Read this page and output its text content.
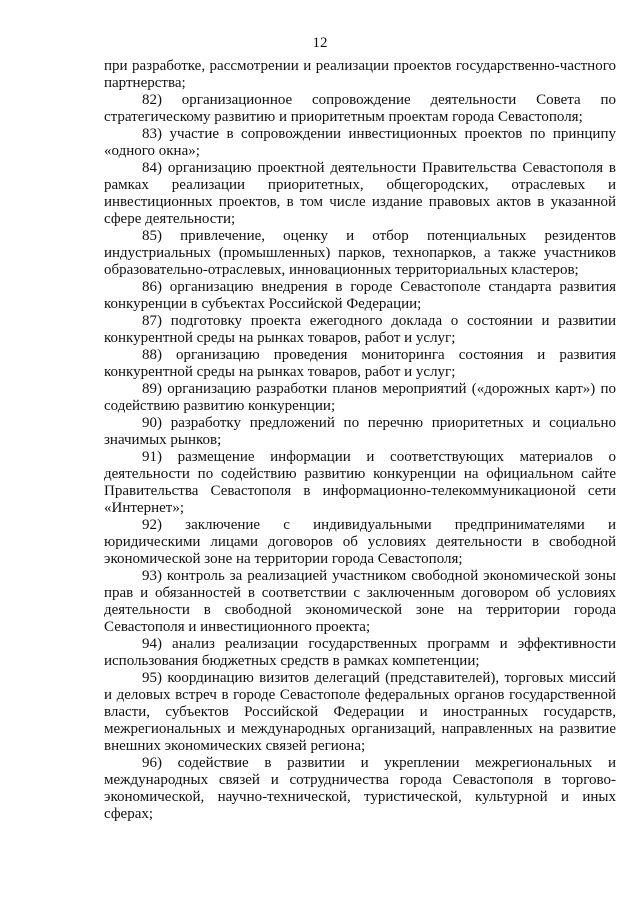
12

при разработке, рассмотрении и реализации проектов государственно-частного партнерства;

82) организационное сопровождение деятельности Совета по стратегическому развитию и приоритетным проектам города Севастополя;

83) участие в сопровождении инвестиционных проектов по принципу «одного окна»;

84) организацию проектной деятельности Правительства Севастополя в рамках реализации приоритетных, общегородских, отраслевых и инвестиционных проектов, в том числе издание правовых актов в указанной сфере деятельности;

85) привлечение, оценку и отбор потенциальных резидентов индустриальных (промышленных) парков, технопарков, а также участников образовательно-отраслевых, инновационных территориальных кластеров;

86) организацию внедрения в городе Севастополе стандарта развития конкуренции в субъектах Российской Федерации;

87) подготовку проекта ежегодного доклада о состоянии и развитии конкурентной среды на рынках товаров, работ и услуг;

88) организацию проведения мониторинга состояния и развития конкурентной среды на рынках товаров, работ и услуг;

89) организацию разработки планов мероприятий («дорожных карт») по содействию развитию конкуренции;

90) разработку предложений по перечню приоритетных и социально значимых рынков;

91) размещение информации и соответствующих материалов о деятельности по содействию развитию конкуренции на официальном сайте Правительства Севастополя в информационно-телекоммуникационой сети «Интернет»;

92) заключение с индивидуальными предпринимателями и юридическими лицами договоров об условиях деятельности в свободной экономической зоне на территории города Севастополя;

93) контроль за реализацией участником свободной экономической зоны прав и обязанностей в соответствии с заключенным договором об условиях деятельности в свободной экономической зоне на территории города Севастополя и инвестиционного проекта;

94) анализ реализации государственных программ и эффективности использования бюджетных средств в рамках компетенции;

95) координацию визитов делегаций (представителей), торговых миссий и деловых встреч в городе Севастополе федеральных органов государственной власти, субъектов Российской Федерации и иностранных государств, межрегиональных и международных организаций, направленных на развитие внешних экономических связей региона;

96) содействие в развитии и укреплении межрегиональных и международных связей и сотрудничества города Севастополя в торгово-экономической, научно-технической, туристической, культурной и иных сферах;
